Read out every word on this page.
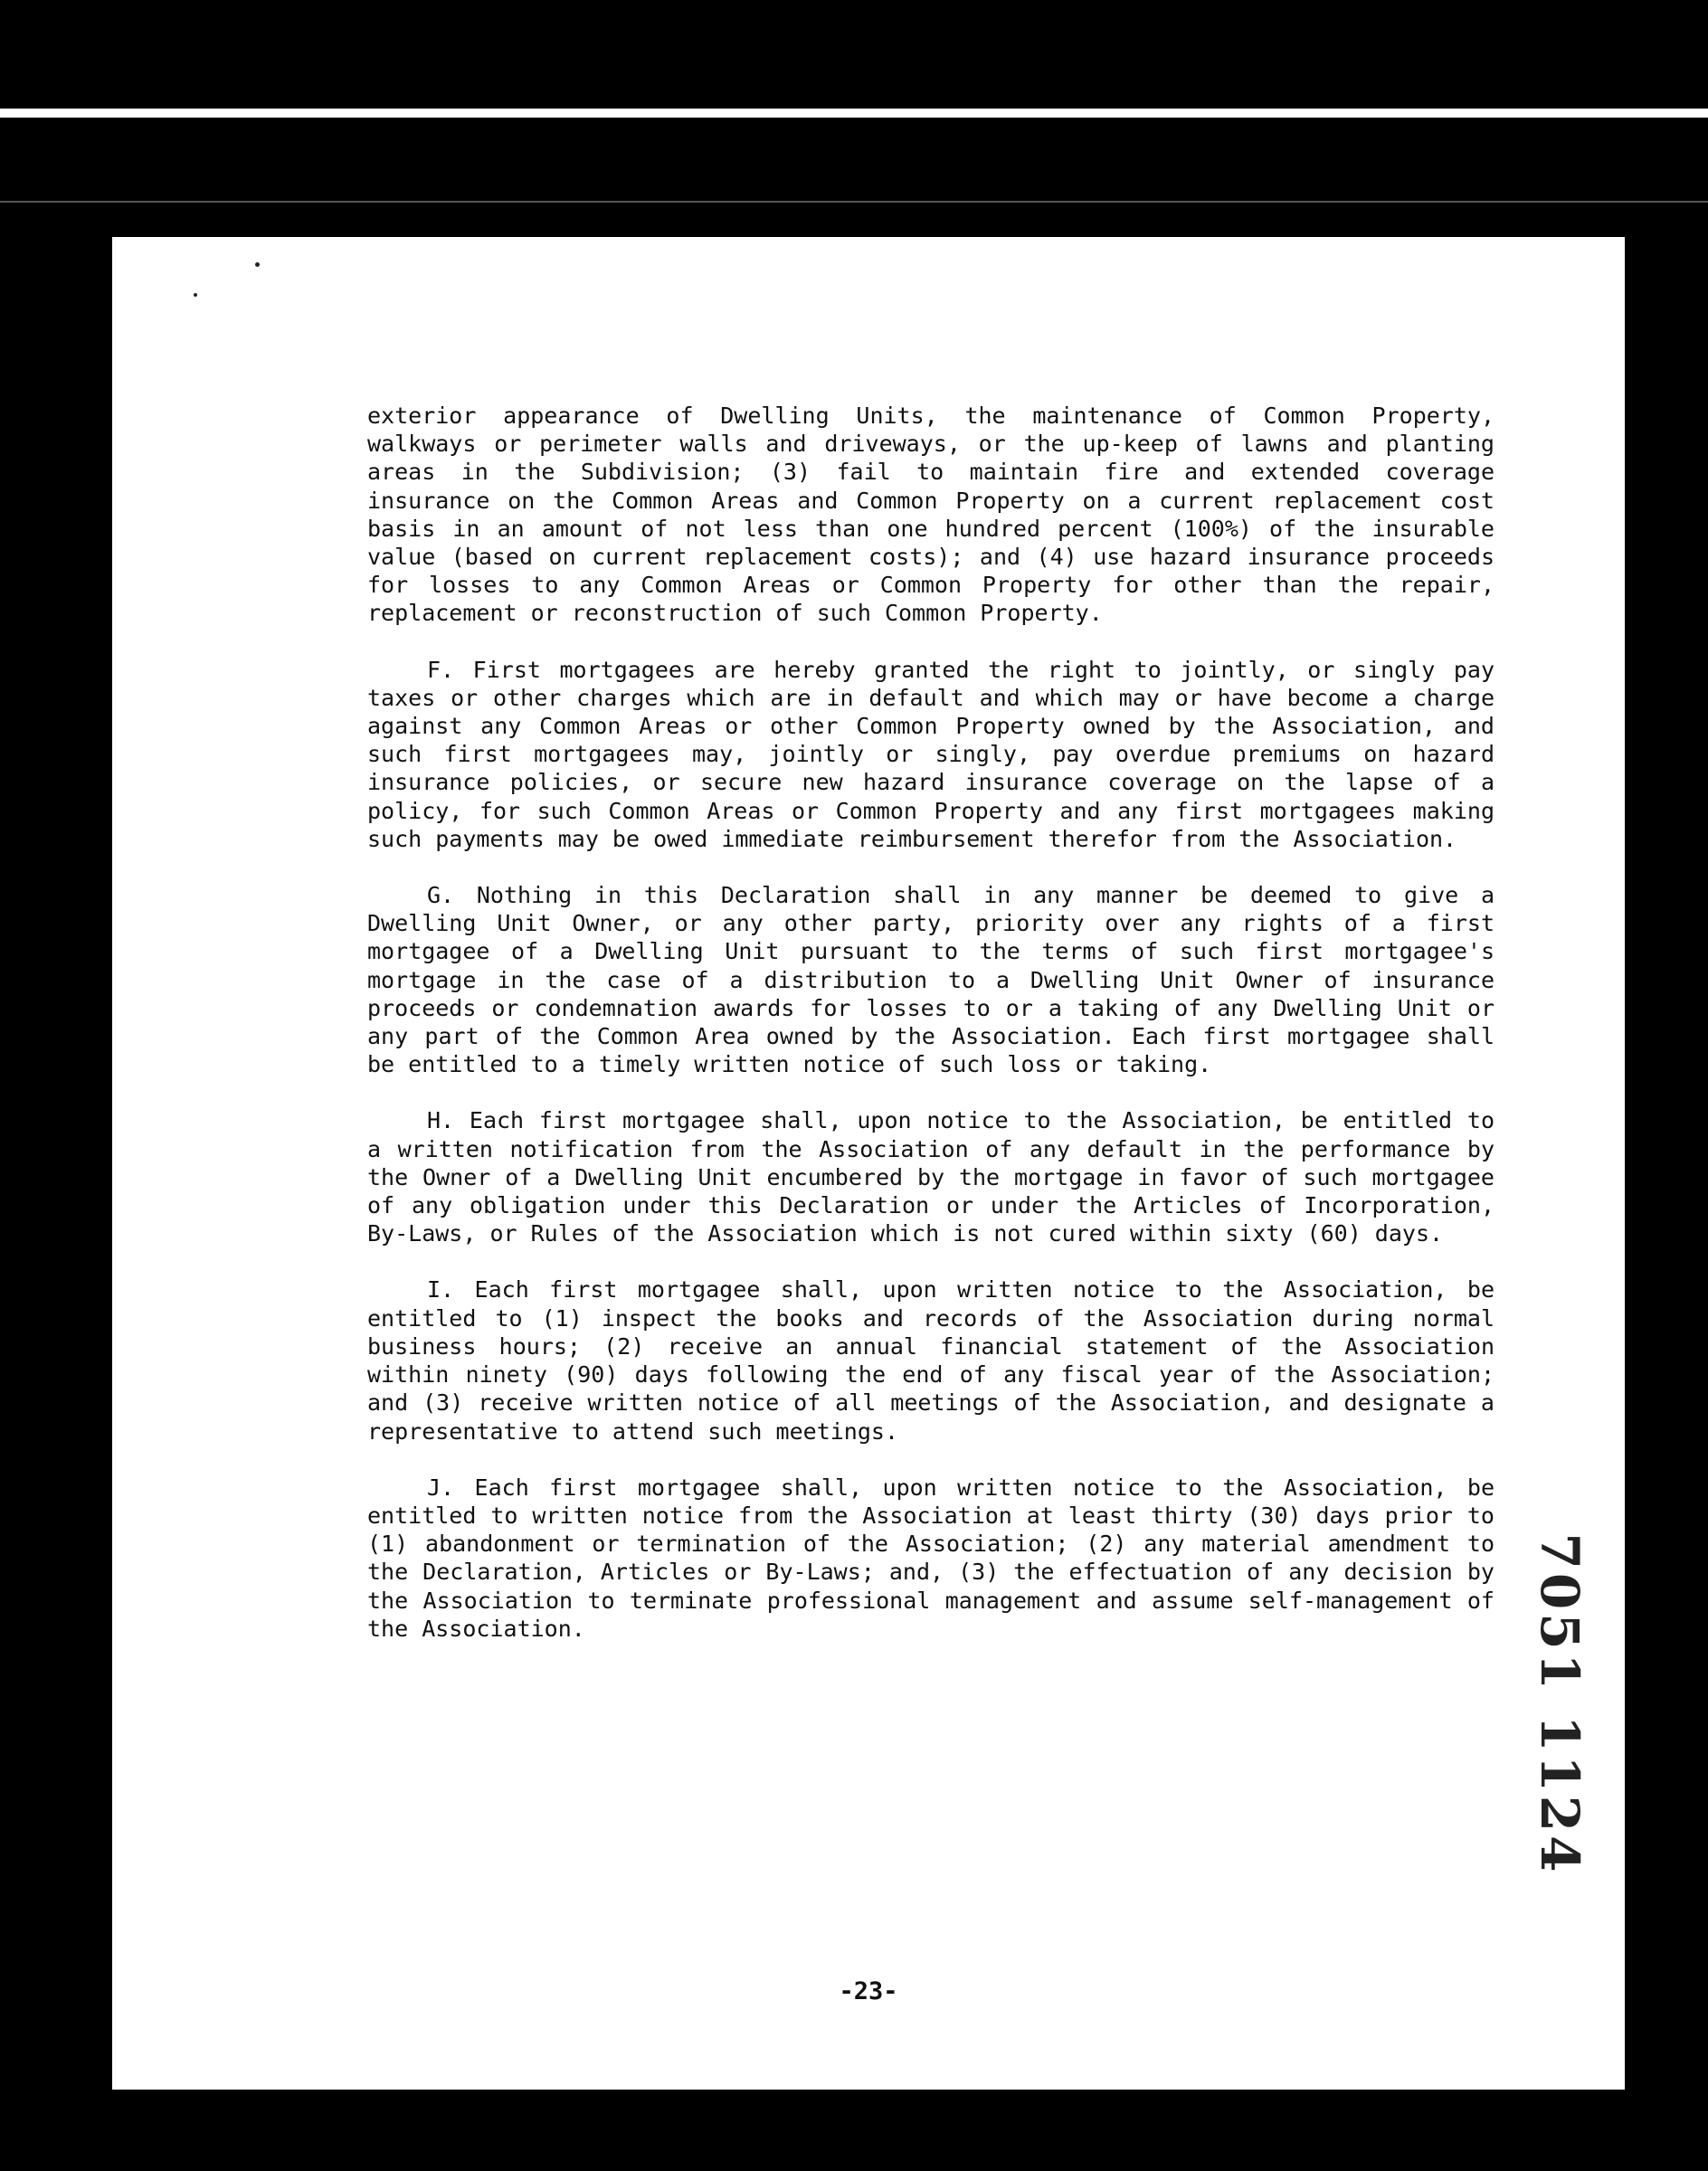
exterior appearance of Dwelling Units, the maintenance of Common Property, walkways or perimeter walls and driveways, or the up-keep of lawns and planting areas in the Subdivision; (3) fail to maintain fire and extended coverage insurance on the Common Areas and Common Property on a current replacement cost basis in an amount of not less than one hundred percent (100%) of the insurable value (based on current replacement costs); and (4) use hazard insurance proceeds for losses to any Common Areas or Common Property for other than the repair, replacement or reconstruction of such Common Property.

F. First mortgagees are hereby granted the right to jointly, or singly pay taxes or other charges which are in default and which may or have become a charge against any Common Areas or other Common Property owned by the Association, and such first mortgagees may, jointly or singly, pay overdue premiums on hazard insurance policies, or secure new hazard insurance coverage on the lapse of a policy, for such Common Areas or Common Property and any first mortgagees making such payments may be owed immediate reimbursement therefor from the Association.

G. Nothing in this Declaration shall in any manner be deemed to give a Dwelling Unit Owner, or any other party, priority over any rights of a first mortgagee of a Dwelling Unit pursuant to the terms of such first mortgagee's mortgage in the case of a distribution to a Dwelling Unit Owner of insurance proceeds or condemnation awards for losses to or a taking of any Dwelling Unit or any part of the Common Area owned by the Association. Each first mortgagee shall be entitled to a timely written notice of such loss or taking.

H. Each first mortgagee shall, upon notice to the Association, be entitled to a written notification from the Association of any default in the performance by the Owner of a Dwelling Unit encumbered by the mortgage in favor of such mortgagee of any obligation under this Declaration or under the Articles of Incorporation, By-Laws, or Rules of the Association which is not cured within sixty (60) days.

I. Each first mortgagee shall, upon written notice to the Association, be entitled to (1) inspect the books and records of the Association during normal business hours; (2) receive an annual financial statement of the Association within ninety (90) days following the end of any fiscal year of the Association; and (3) receive written notice of all meetings of the Association, and designate a representative to attend such meetings.

J. Each first mortgagee shall, upon written notice to the Association, be entitled to written notice from the Association at least thirty (30) days prior to (1) abandonment or termination of the Association; (2) any material amendment to the Declaration, Articles or By-Laws; and, (3) the effectuation of any decision by the Association to terminate professional management and assume self-management of the Association.	7051 1124
-23-
